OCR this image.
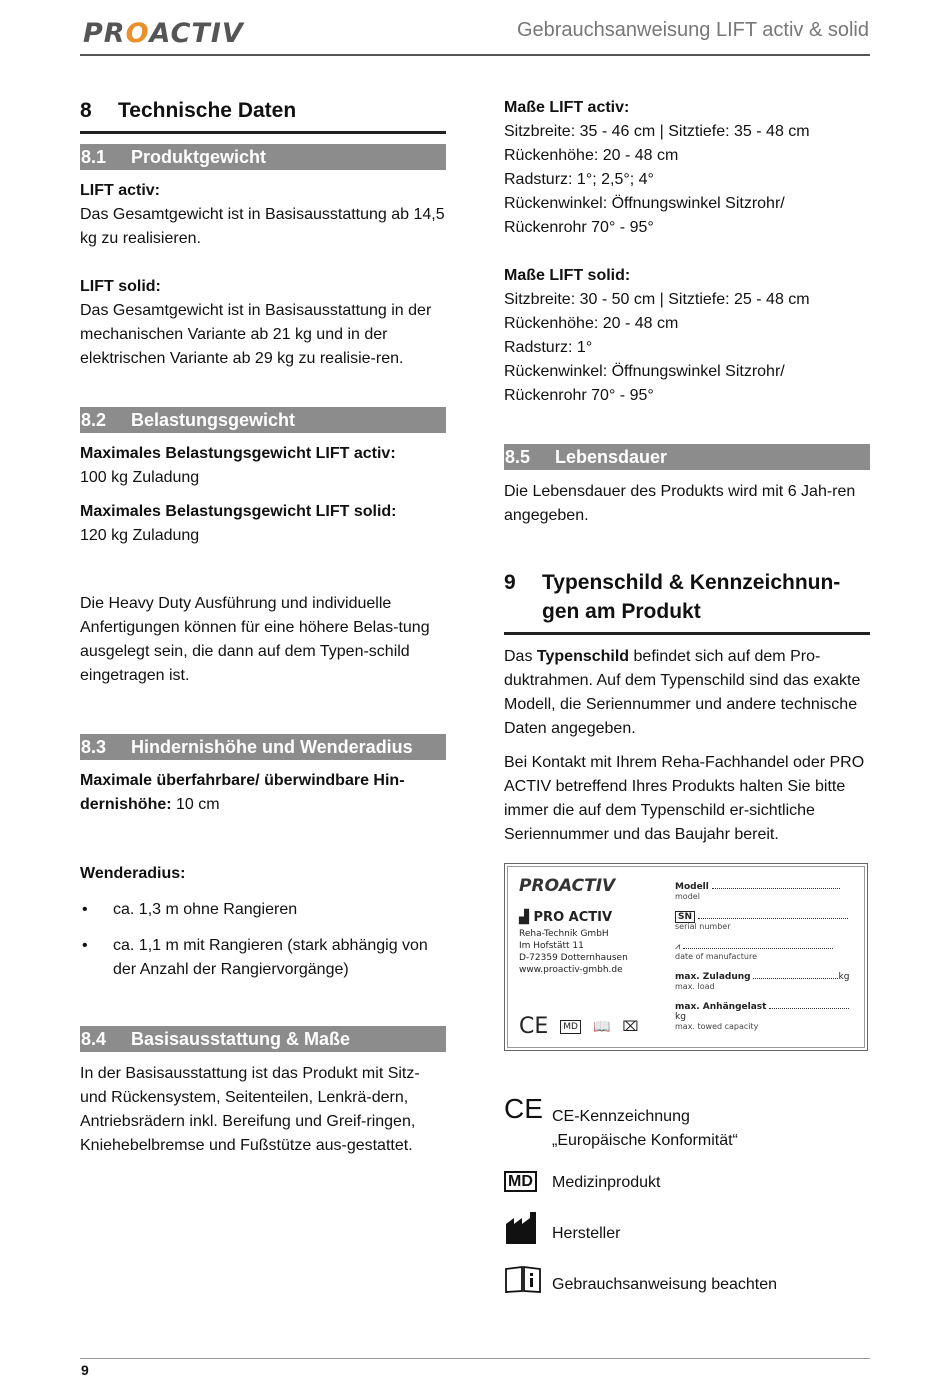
PROACTIV	Gebrauchsanweisung LIFT activ & solid
8	Technische Daten
8.1	Produktgewicht

LIFT activ:

Das Gesamtgewicht ist in Basisausstattung ab 14,5 kg zu realisieren.

LIFT solid:

Das Gesamtgewicht ist in Basisausstattung in der mechanischen Variante ab 21 kg und in der elektrischen Variante ab 29 kg zu realisie-ren.

8.2	Belastungsgewicht

Maximales Belastungsgewicht LIFT activ:

100 kg Zuladung

Maximales Belastungsgewicht LIFT solid:

120 kg Zuladung

Die Heavy Duty Ausführung und individuelle Anfertigungen können für eine höhere Belas-tung ausgelegt sein, die dann auf dem Typen-schild eingetragen ist.

8.3	Hindernishöhe und Wenderadius

Maximale überfahrbare/ überwindbare Hin-dernishöhe: 10 cm

Wenderadius:

•	ca. 1,3 m ohne Rangieren
•	ca. 1,1 m mit Rangieren (stark abhängig von der Anzahl der Rangiervorgänge)
8.4	Basisausstattung & Maße

In der Basisausstattung ist das Produkt mit Sitz- und Rückensystem, Seitenteilen, Lenkrä-dern, Antriebsrädern inkl. Bereifung und Greif-ringen, Kniehebelbremse und Fußstütze aus-gestattet.

Maße LIFT activ:

Sitzbreite: 35 - 46 cm | Sitztiefe: 35 - 48 cm

Rückenhöhe: 20 - 48 cm

Radsturz: 1°; 2,5°; 4°

Rückenwinkel: Öffnungswinkel Sitzrohr/

Rückenrohr 70° - 95°

Maße LIFT solid:

Sitzbreite: 30 - 50 cm | Sitztiefe: 25 - 48 cm

Rückenhöhe: 20 - 48 cm

Radsturz: 1°

Rückenwinkel: Öffnungswinkel Sitzrohr/

Rückenrohr 70° - 95°

8.5	Lebensdauer

Die Lebensdauer des Produkts wird mit 6 Jah-ren angegeben.

9	Typenschild & Kennzeichnun-gen am Produkt

Das Typenschild befindet sich auf dem Pro-duktrahmen. Auf dem Typenschild sind das exakte Modell, die Seriennummer und andere technische Daten angegeben.

Bei Kontakt mit Ihrem Reha-Fachhandel oder PRO ACTIV betreffend Ihres Produkts halten Sie bitte immer die auf dem Typenschild er-sichtliche Seriennummer und das Baujahr bereit.

PROACTIV
▟ PRO ACTIV
Reha-Technik GmbH
Im Hofstätt 11
D-72359 Dotternhausen
www.proactiv-gmbh.de
CE	MD 📖 ⌧
Modell
model
SN
serial number
⩘
date of manufacture
max. Zuladung	kg
max. load
max. Anhängelast kg
max. towed capacity
CE CE-Kennzeichnung

„Europäische Konformität“

MD	Medizinprodukt

Hersteller

Gebrauchsanweisung beachten

9
